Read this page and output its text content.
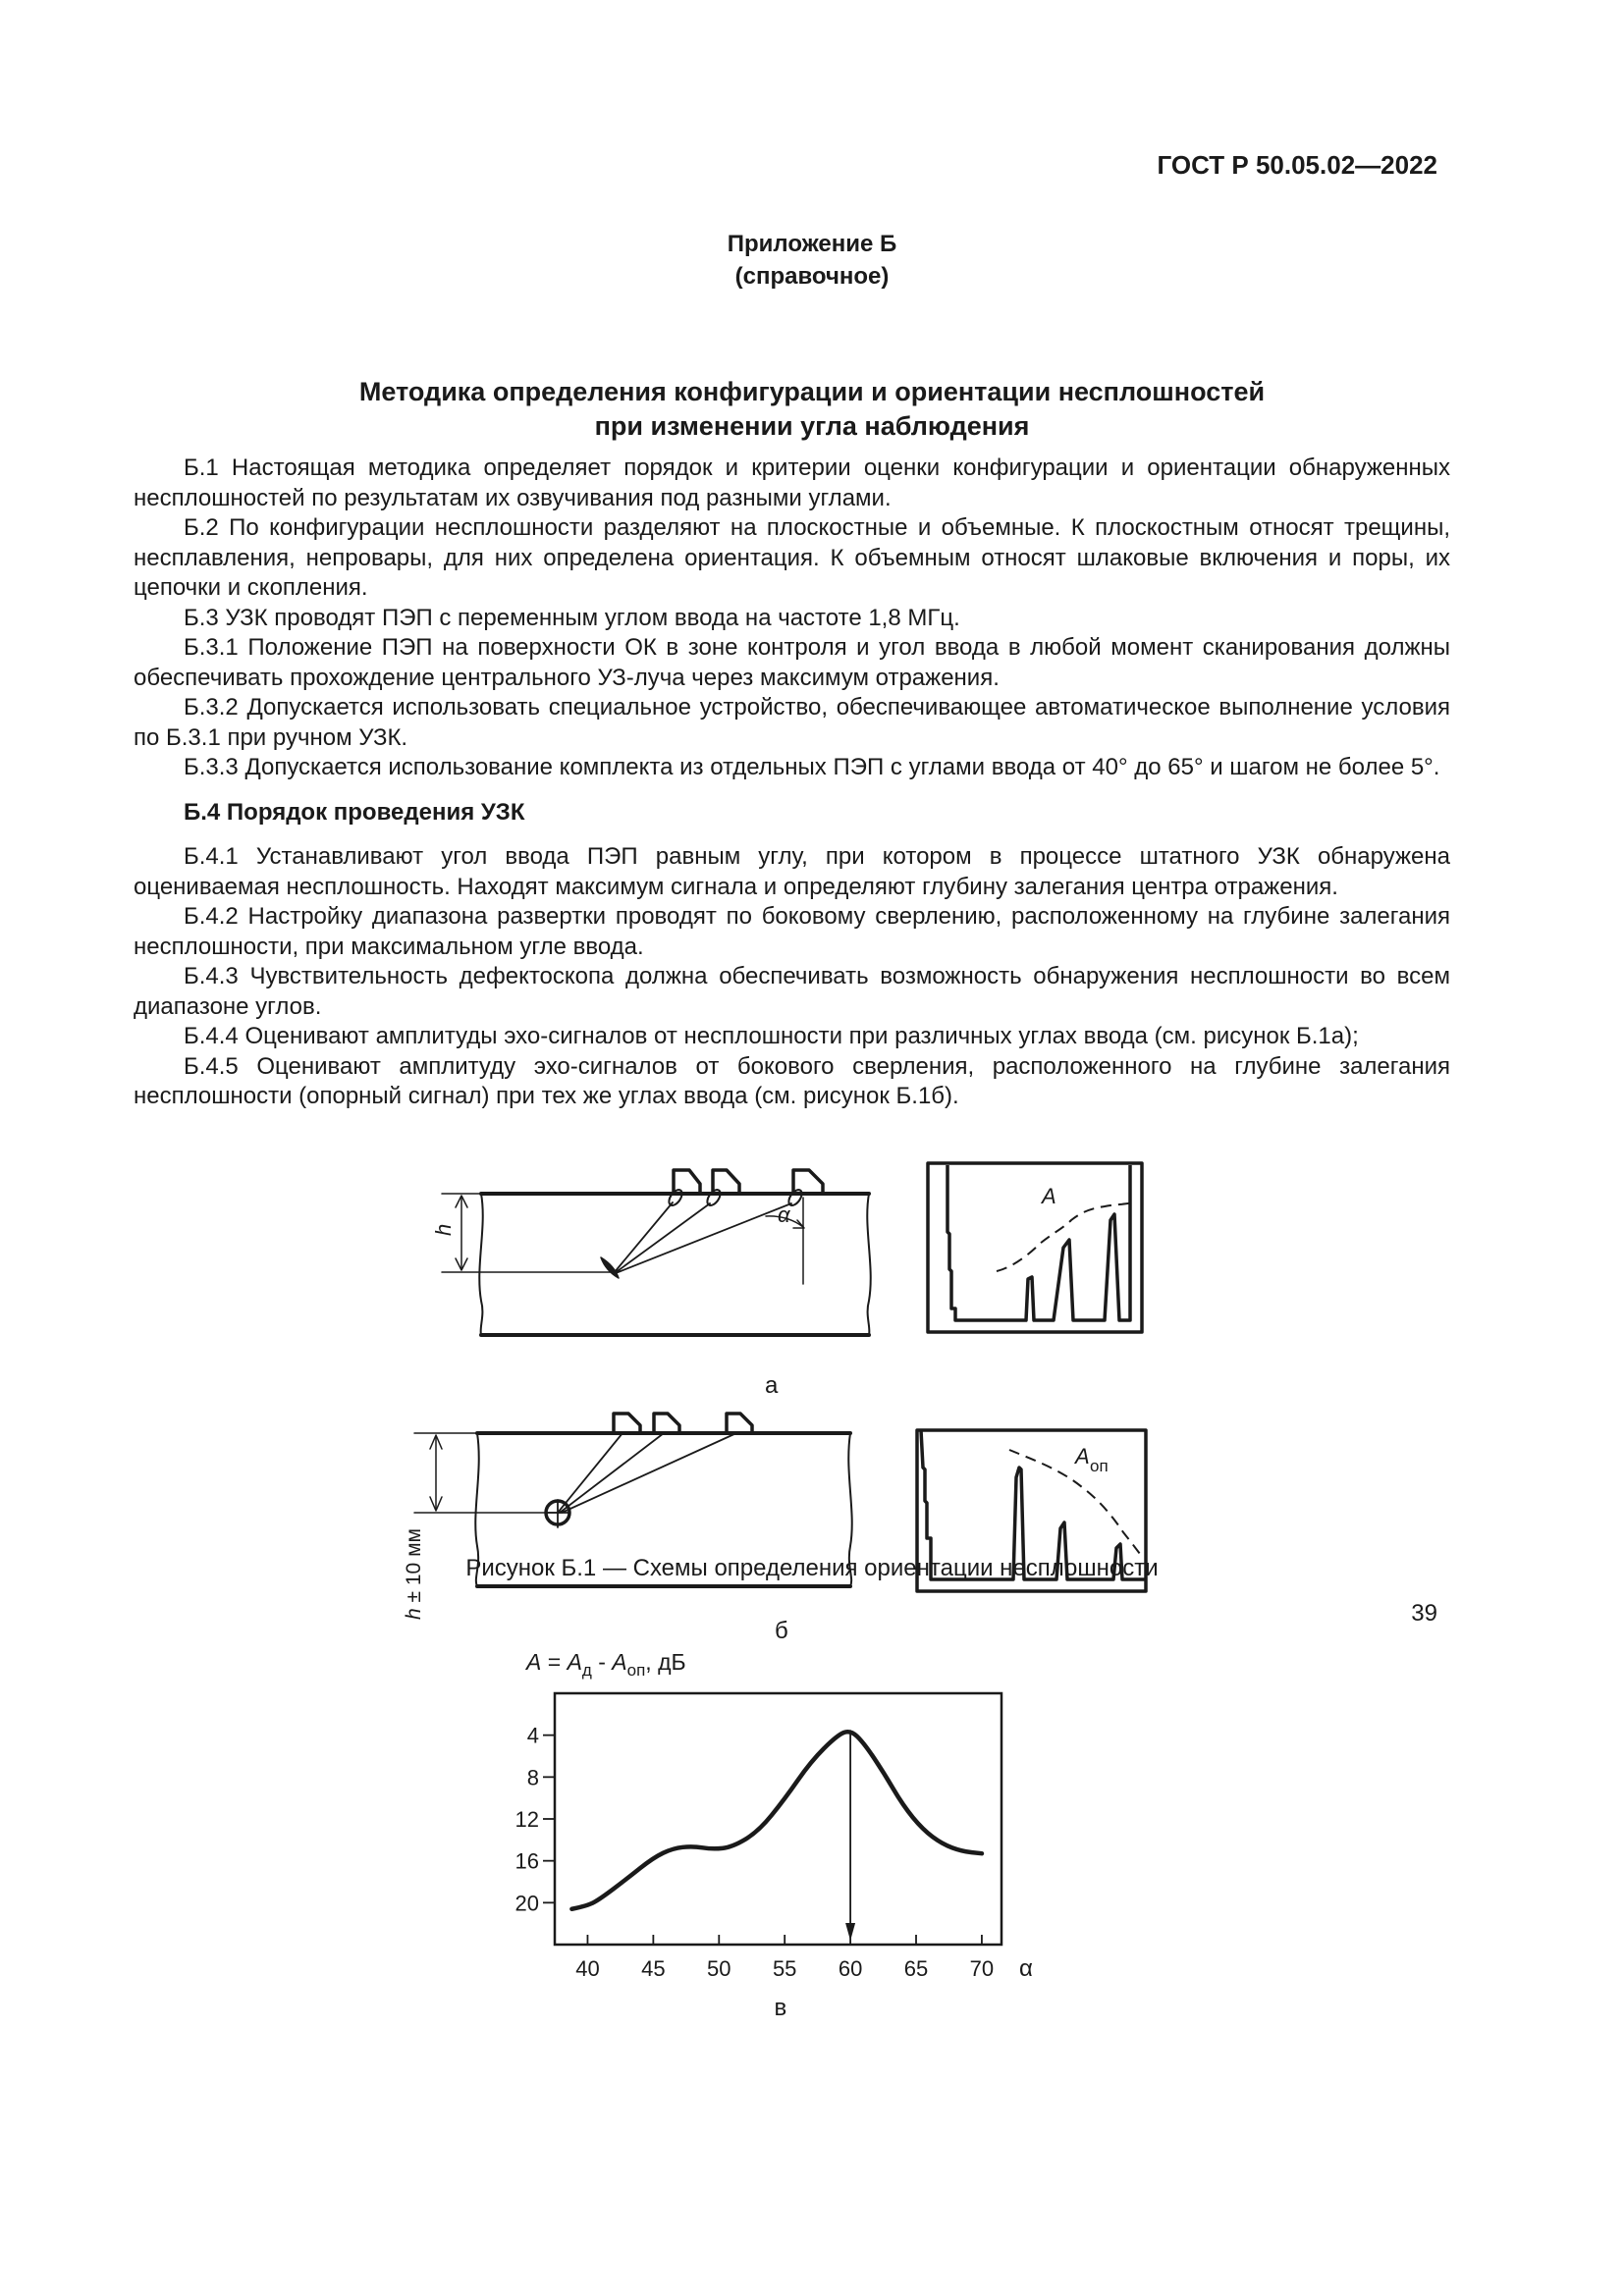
ГОСТ Р 50.05.02—2022
Приложение Б
(справочное)
Методика определения конфигурации и ориентации несплошностей
при изменении угла наблюдения

Б.1 Настоящая методика определяет порядок и критерии оценки конфигурации и ориентации обнаруженных несплошностей по результатам их озвучивания под разными углами.

Б.2 По конфигурации несплошности разделяют на плоскостные и объемные. К плоскостным относят трещины, несплавления, непровары, для них определена ориентация. К объемным относят шлаковые включения и поры, их цепочки и скопления.

Б.3 УЗК проводят ПЭП с переменным углом ввода на частоте 1,8 МГц.

Б.3.1 Положение ПЭП на поверхности ОК в зоне контроля и угол ввода в любой момент сканирования должны обеспечивать прохождение центрального УЗ-луча через максимум отражения.

Б.3.2 Допускается использовать специальное устройство, обеспечивающее автоматическое выполнение условия по Б.3.1 при ручном УЗК.

Б.3.3 Допускается использование комплекта из отдельных ПЭП с углами ввода от 40° до 65° и шагом не более 5°.

Б.4 Порядок проведения УЗК

Б.4.1 Устанавливают угол ввода ПЭП равным углу, при котором в процессе штатного УЗК обнаружена оцениваемая несплошность. Находят максимум сигнала и определяют глубину залегания центра отражения.

Б.4.2 Настройку диапазона развертки проводят по боковому сверлению, расположенному на глубине залегания несплошности, при максимальном угле ввода.

Б.4.3 Чувствительность дефектоскопа должна обеспечивать возможность обнаружения несплошности во всем диапазоне углов.

Б.4.4 Оценивают амплитуды эхо-сигналов от несплошности при различных углах ввода (см. рисунок Б.1а);

Б.4.5 Оценивают амплитуду эхо-сигналов от бокового сверления, расположенного на глубине залегания несплошности (опорный сигнал) при тех же углах ввода (см. рисунок Б.1б).

h
α
A
а
h ± 10 мм
A оп
б
$A = A_д - A_{оп}$, дБ
4
8
12
16
20
40 45 50 55 60 65 70 α
в
Рисунок Б.1 — Схемы определения ориентации несплошности
39
